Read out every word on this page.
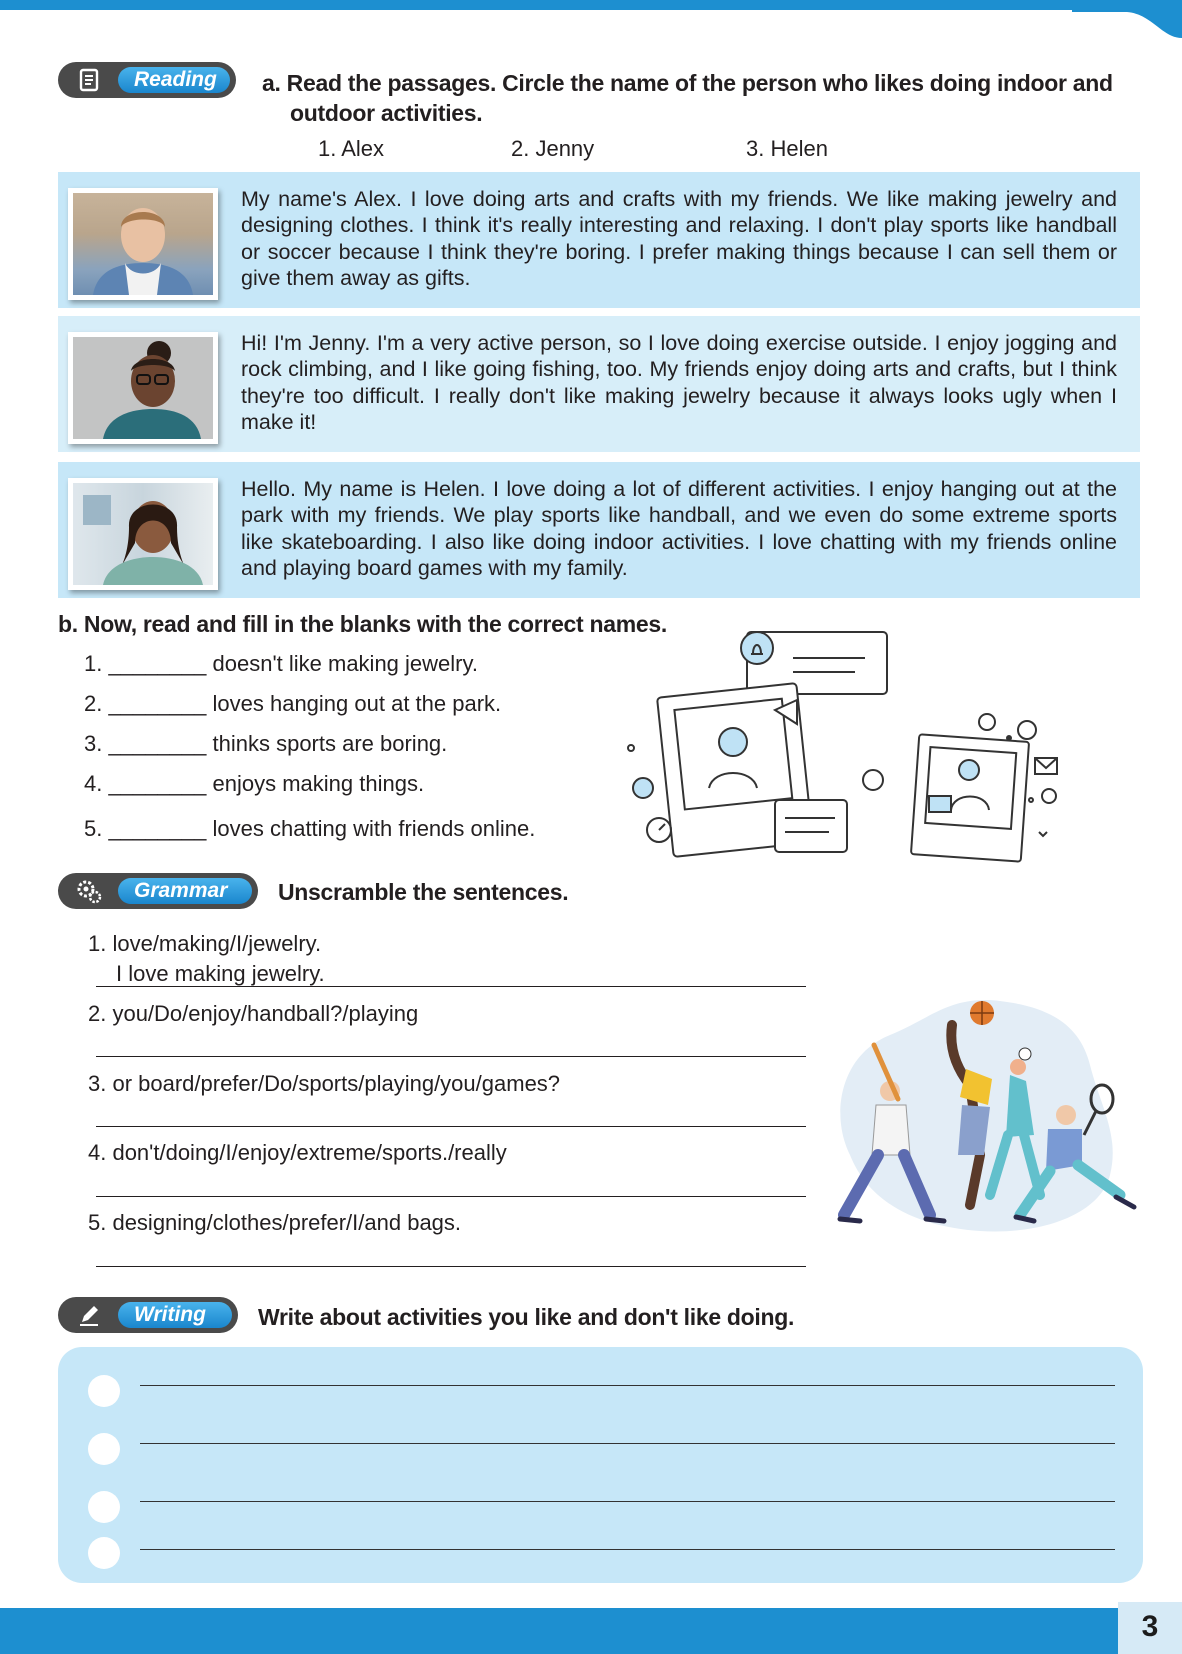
3
Reading	a. Read the passages. Circle the name of the person who likes doing indoor and
outdoor activities.
1. Alex	2. Jenny	3. Helen
My name's Alex. I love doing arts and crafts with my friends. We like making jewelry and designing clothes. I think it's really interesting and relaxing. I don't play sports like handball or soccer because I think they're boring. I prefer making things because I can sell them or give them away as gifts.
Hi! I'm Jenny. I'm a very active person, so I love doing exercise outside. I enjoy jogging and rock climbing, and I like going fishing, too. My friends enjoy doing arts and crafts, but I think they're too difficult. I really don't like making jewelry because it always looks ugly when I make it!
Hello. My name is Helen. I love doing a lot of different activities. I enjoy hanging out at the park with my friends. We play sports like handball, and we even do some extreme sports like skateboarding. I also like doing indoor activities. I love chatting with my friends online and playing board games with my family.
b. Now, read and fill in the blanks with the correct names.
1. ________ doesn't like making jewelry.
2. ________ loves hanging out at the park.
3. ________ thinks sports are boring.
4. ________ enjoys making things.
5. ________ loves chatting with friends online.
Grammar	Unscramble the sentences.
1. love/making/I/jewelry.
I love making jewelry.
2. you/Do/enjoy/handball?/playing
3. or board/prefer/Do/sports/playing/you/games?
4. don't/doing/I/enjoy/extreme/sports./really
5. designing/clothes/prefer/I/and bags.
Writing	Write about activities you like and don't like doing.
